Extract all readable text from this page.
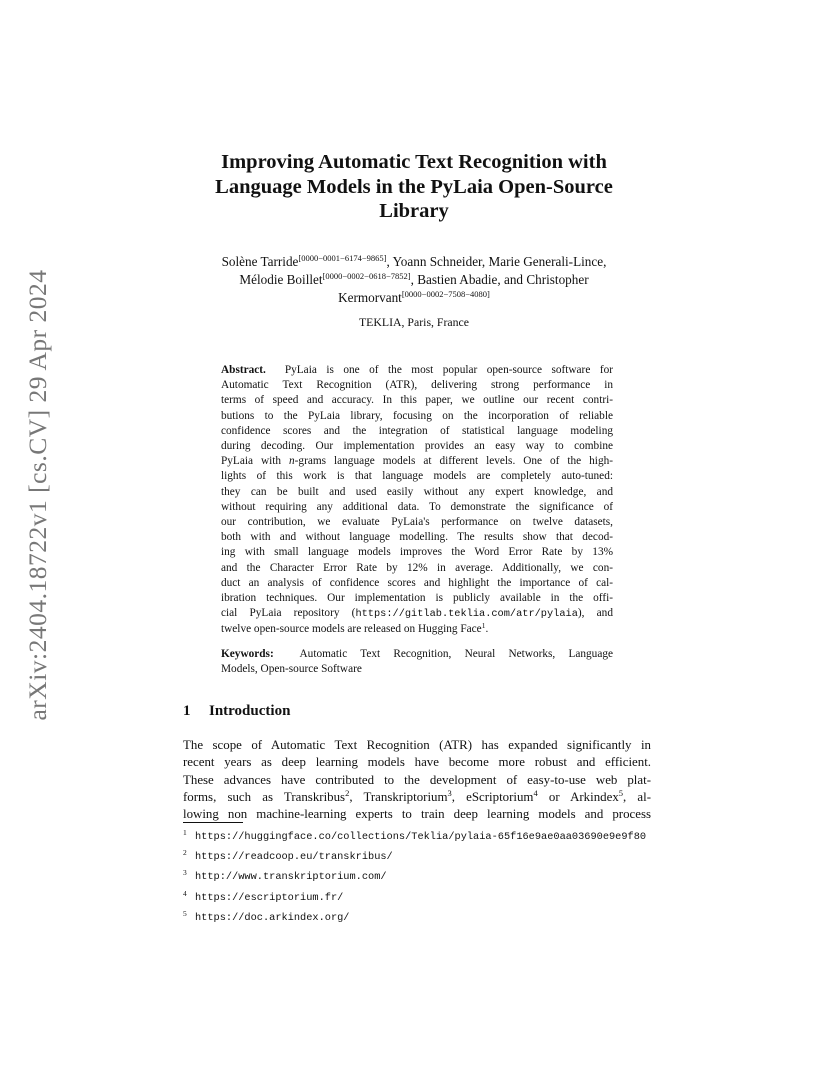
arXiv:2404.18722v1 [cs.CV] 29 Apr 2024
Improving Automatic Text Recognition with
Language Models in the PyLaia Open-Source
Library
Solène Tarride[0000−0001−6174−9865], Yoann Schneider, Marie Generali-Lince,
Mélodie Boillet[0000−0002−0618−7852], Bastien Abadie, and Christopher
Kermorvant[0000−0002−7508−4080]
TEKLIA, Paris, France
Abstract. PyLaia is one of the most popular open-source software for
Automatic Text Recognition (ATR), delivering strong performance in
terms of speed and accuracy. In this paper, we outline our recent contri-
butions to the PyLaia library, focusing on the incorporation of reliable
confidence scores and the integration of statistical language modeling
during decoding. Our implementation provides an easy way to combine
PyLaia with n-grams language models at different levels. One of the high-
lights of this work is that language models are completely auto-tuned:
they can be built and used easily without any expert knowledge, and
without requiring any additional data. To demonstrate the significance of
our contribution, we evaluate PyLaia's performance on twelve datasets,
both with and without language modelling. The results show that decod-
ing with small language models improves the Word Error Rate by 13%
and the Character Error Rate by 12% in average. Additionally, we con-
duct an analysis of confidence scores and highlight the importance of cal-
ibration techniques. Our implementation is publicly available in the offi-
cial PyLaia repository (https://gitlab.teklia.com/atr/pylaia), and
twelve open-source models are released on Hugging Face$^1$.
Keywords: Automatic Text Recognition, Neural Networks, Language
Models, Open-source Software
1 Introduction
The scope of Automatic Text Recognition (ATR) has expanded significantly in
recent years as deep learning models have become more robust and efficient.
These advances have contributed to the development of easy-to-use web plat-
forms, such as Transkribus$^2$, Transkriptorium$^3$, eScriptorium$^4$ or Arkindex$^5$, al-
lowing non machine-learning experts to train deep learning models and process
1 https://huggingface.co/collections/Teklia/pylaia-65f16e9ae0aa03690e9e9f80
2 https://readcoop.eu/transkribus/
3 http://www.transkriptorium.com/
4 https://escriptorium.fr/
5 https://doc.arkindex.org/
